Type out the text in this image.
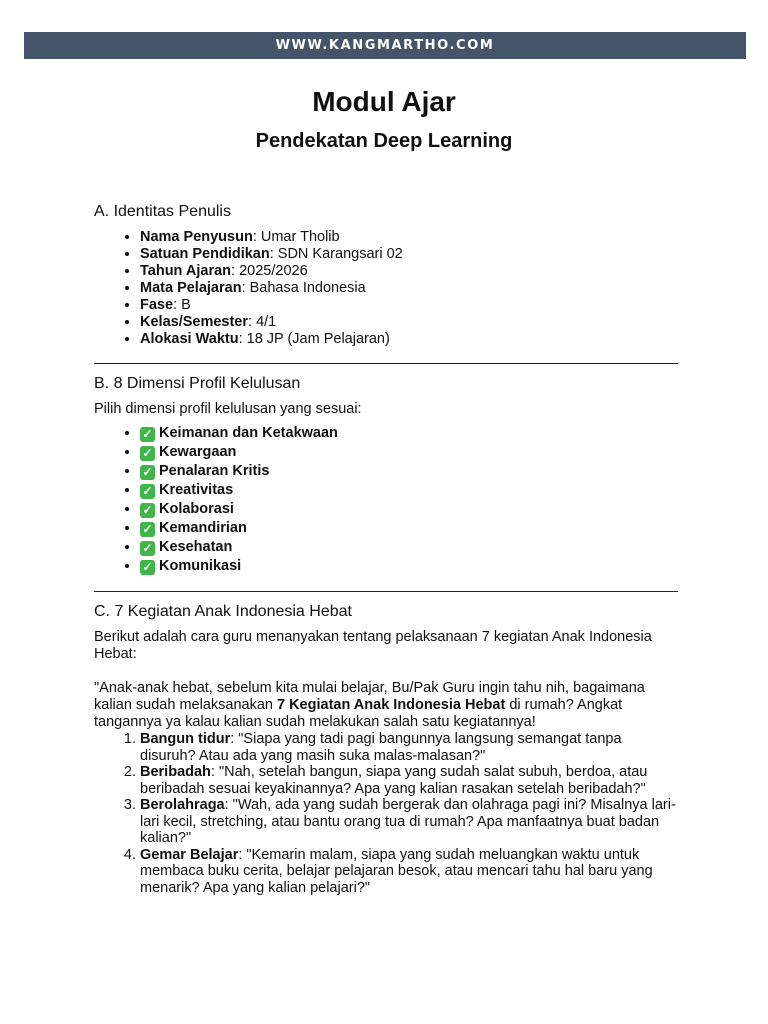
WWW.KANGMARTHO.COM
Modul Ajar
Pendekatan Deep Learning
A. Identitas Penulis
• Nama Penyusun: Umar Tholib
• Satuan Pendidikan: SDN Karangsari 02
• Tahun Ajaran: 2025/2026
• Mata Pelajaran: Bahasa Indonesia
• Fase: B
• Kelas/Semester: 4/1
• Alokasi Waktu: 18 JP (Jam Pelajaran)
B. 8 Dimensi Profil Kelulusan

Pilih dimensi profil kelulusan yang sesuai:

• ✓ Keimanan dan Ketakwaan
• ✓ Kewargaan
• ✓ Penalaran Kritis
• ✓ Kreativitas
• ✓ Kolaborasi
• ✓ Kemandirian
• ✓ Kesehatan
• ✓ Komunikasi
C. 7 Kegiatan Anak Indonesia Hebat

Berikut adalah cara guru menanyakan tentang pelaksanaan 7 kegiatan Anak Indonesia Hebat:

"Anak-anak hebat, sebelum kita mulai belajar, Bu/Pak Guru ingin tahu nih, bagaimana kalian sudah melaksanakan 7 Kegiatan Anak Indonesia Hebat di rumah? Angkat tangannya ya kalau kalian sudah melakukan salah satu kegiatannya!

1. Bangun tidur: "Siapa yang tadi pagi bangunnya langsung semangat tanpa disuruh? Atau ada yang masih suka malas-malasan?"
2. Beribadah: "Nah, setelah bangun, siapa yang sudah salat subuh, berdoa, atau beribadah sesuai keyakinannya? Apa yang kalian rasakan setelah beribadah?"
3. Berolahraga: "Wah, ada yang sudah bergerak dan olahraga pagi ini? Misalnya lari-lari kecil, stretching, atau bantu orang tua di rumah? Apa manfaatnya buat badan kalian?"
4. Gemar Belajar: "Kemarin malam, siapa yang sudah meluangkan waktu untuk membaca buku cerita, belajar pelajaran besok, atau mencari tahu hal baru yang menarik? Apa yang kalian pelajari?"
